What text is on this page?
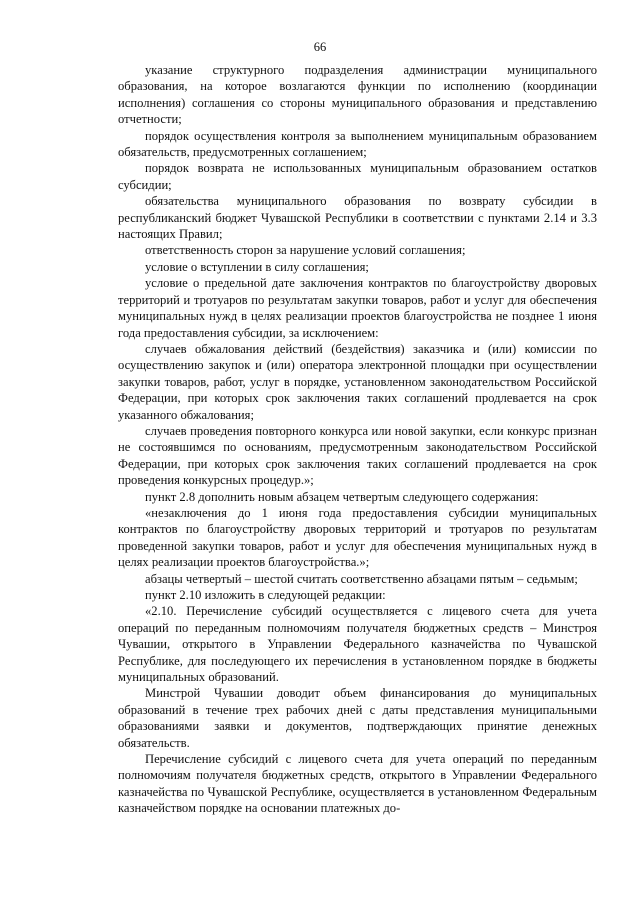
66

указание структурного подразделения администрации муниципального образования, на которое возлагаются функции по исполнению (координации исполнения) соглашения со стороны муниципального образования и представлению отчетности;

порядок осуществления контроля за выполнением муниципальным образованием обязательств, предусмотренных соглашением;

порядок возврата не использованных муниципальным образованием остатков субсидии;

обязательства муниципального образования по возврату субсидии в республиканский бюджет Чувашской Республики в соответствии с пунктами 2.14 и 3.3 настоящих Правил;

ответственность сторон за нарушение условий соглашения;

условие о вступлении в силу соглашения;

условие о предельной дате заключения контрактов по благоустройству дворовых территорий и тротуаров по результатам закупки товаров, работ и услуг для обеспечения муниципальных нужд в целях реализации проектов благоустройства не позднее 1 июня года предоставления субсидии, за исключением:

случаев обжалования действий (бездействия) заказчика и (или) комиссии по осуществлению закупок и (или) оператора электронной площадки при осуществлении закупки товаров, работ, услуг в порядке, установленном законодательством Российской Федерации, при которых срок заключения таких соглашений продлевается на срок указанного обжалования;

случаев проведения повторного конкурса или новой закупки, если конкурс признан не состоявшимся по основаниям, предусмотренным законодательством Российской Федерации, при которых срок заключения таких соглашений продлевается на срок проведения конкурсных процедур.»;

пункт 2.8 дополнить новым абзацем четвертым следующего содержания:

«незаключения до 1 июня года предоставления субсидии муниципальных контрактов по благоустройству дворовых территорий и тротуаров по результатам проведенной закупки товаров, работ и услуг для обеспечения муниципальных нужд в целях реализации проектов благоустройства.»;

абзацы четвертый – шестой считать соответственно абзацами пятым – седьмым;

пункт 2.10 изложить в следующей редакции:

«2.10. Перечисление субсидий осуществляется с лицевого счета для учета операций по переданным полномочиям получателя бюджетных средств – Минстроя Чувашии, открытого в Управлении Федерального казначейства по Чувашской Республике, для последующего их перечисления в установленном порядке в бюджеты муниципальных образований.

Минстрой Чувашии доводит объем финансирования до муниципальных образований в течение трех рабочих дней с даты представления муниципальными образованиями заявки и документов, подтверждающих принятие денежных обязательств.

Перечисление субсидий с лицевого счета для учета операций по переданным полномочиям получателя бюджетных средств, открытого в Управлении Федерального казначейства по Чувашской Республике, осуществляется в установленном Федеральным казначейством порядке на основании платежных до-
